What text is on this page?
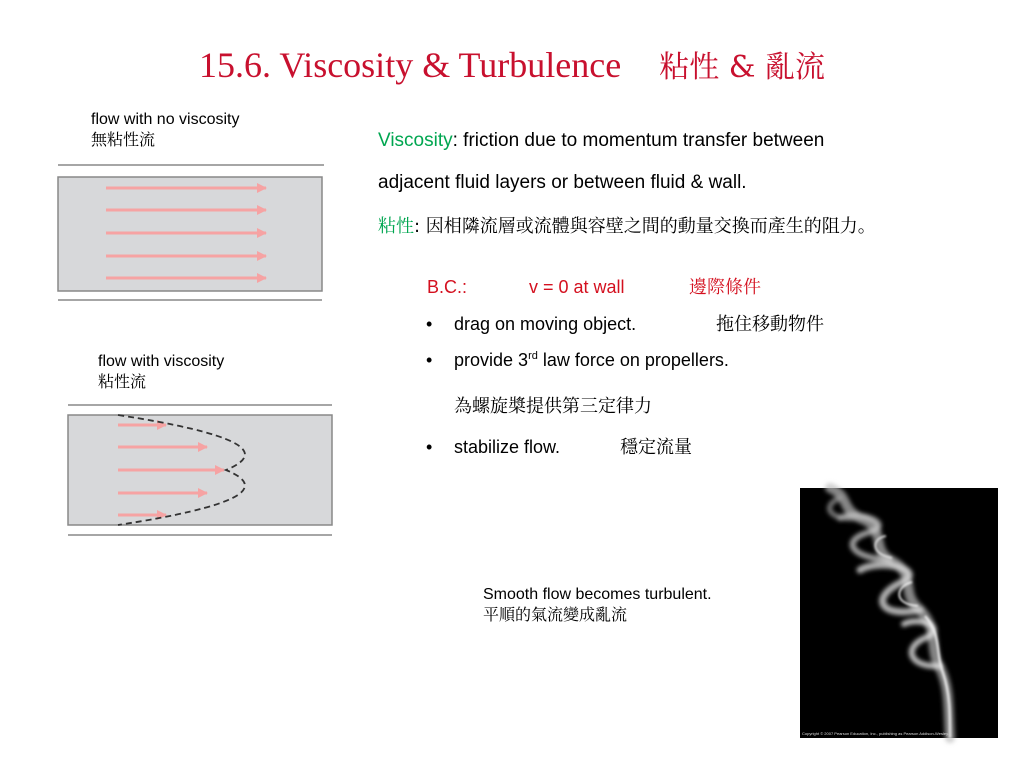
15.6. Viscosity & Turbulence 粘性 & 亂流
flow with no viscosity
無粘性流
flow with viscosity
粘性流
Viscosity: friction due to momentum transfer between
adjacent fluid layers or between fluid & wall.
粘性: 因相隣流層或流體與容壁之間的動量交換而產生的阻力。
B.C.:	v = 0 at wall	邊際條件
• drag on moving object.	拖住移動物件
• provide 3rd law force on propellers.
為螺旋槳提供第三定律力
• stabilize flow.	穩定流量
Smooth flow becomes turbulent.
平順的氣流變成亂流
Copyright © 2007 Pearson Education, Inc., publishing as Pearson Addison-Wesley.
